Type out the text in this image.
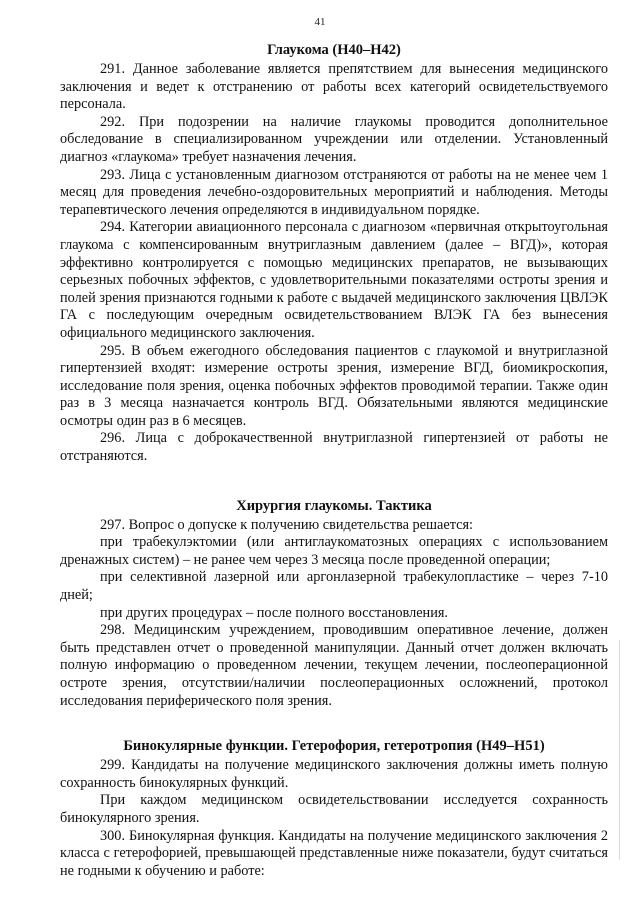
41
Глаукома (Н40–Н42)

291. Данное заболевание является препятствием для вынесения медицинского заключения и ведет к отстранению от работы всех категорий освидетельствуемого персонала.

292. При подозрении на наличие глаукомы проводится дополнительное обследование в специализированном учреждении или отделении. Установленный диагноз «глаукома» требует назначения лечения.

293. Лица с установленным диагнозом отстраняются от работы на не менее чем 1 месяц для проведения лечебно-оздоровительных мероприятий и наблюдения. Методы терапевтического лечения определяются в индивидуальном порядке.

294. Категории авиационного персонала с диагнозом «первичная открытоугольная глаукома с компенсированным внутриглазным давлением (далее – ВГД)», которая эффективно контролируется с помощью медицинских препаратов, не вызывающих серьезных побочных эффектов, с удовлетворительными показателями остроты зрения и полей зрения признаются годными к работе с выдачей медицинского заключения ЦВЛЭК ГА с последующим очередным освидетельствованием ВЛЭК ГА без вынесения официального медицинского заключения.

295. В объем ежегодного обследования пациентов с глаукомой и внутриглазной гипертензией входят: измерение остроты зрения, измерение ВГД, биомикроскопия, исследование поля зрения, оценка побочных эффектов проводимой терапии. Также один раз в 3 месяца назначается контроль ВГД. Обязательными являются медицинские осмотры один раз в 6 месяцев.

296. Лица с доброкачественной внутриглазной гипертензией от работы не отстраняются.

Хирургия глаукомы. Тактика

297. Вопрос о допуске к получению свидетельства решается:

при трабекулэктомии (или антиглаукоматозных операциях с использованием дренажных систем) – не ранее чем через 3 месяца после проведенной операции;

при селективной лазерной или аргонлазерной трабекулопластике – через 7-10 дней;

при других процедурах – после полного восстановления.

298. Медицинским учреждением, проводившим оперативное лечение, должен быть представлен отчет о проведенной манипуляции. Данный отчет должен включать полную информацию о проведенном лечении, текущем лечении, послеоперационной остроте зрения, отсутствии/наличии послеоперационных осложнений, протокол исследования периферического поля зрения.

Бинокулярные функции. Гетерофория, гетеротропия (Н49–Н51)

299. Кандидаты на получение медицинского заключения должны иметь полную сохранность бинокулярных функций.

При каждом медицинском освидетельствовании исследуется сохранность бинокулярного зрения.

300. Бинокулярная функция. Кандидаты на получение медицинского заключения 2 класса с гетерофорией, превышающей представленные ниже показатели, будут считаться не годными к обучению и работе:
